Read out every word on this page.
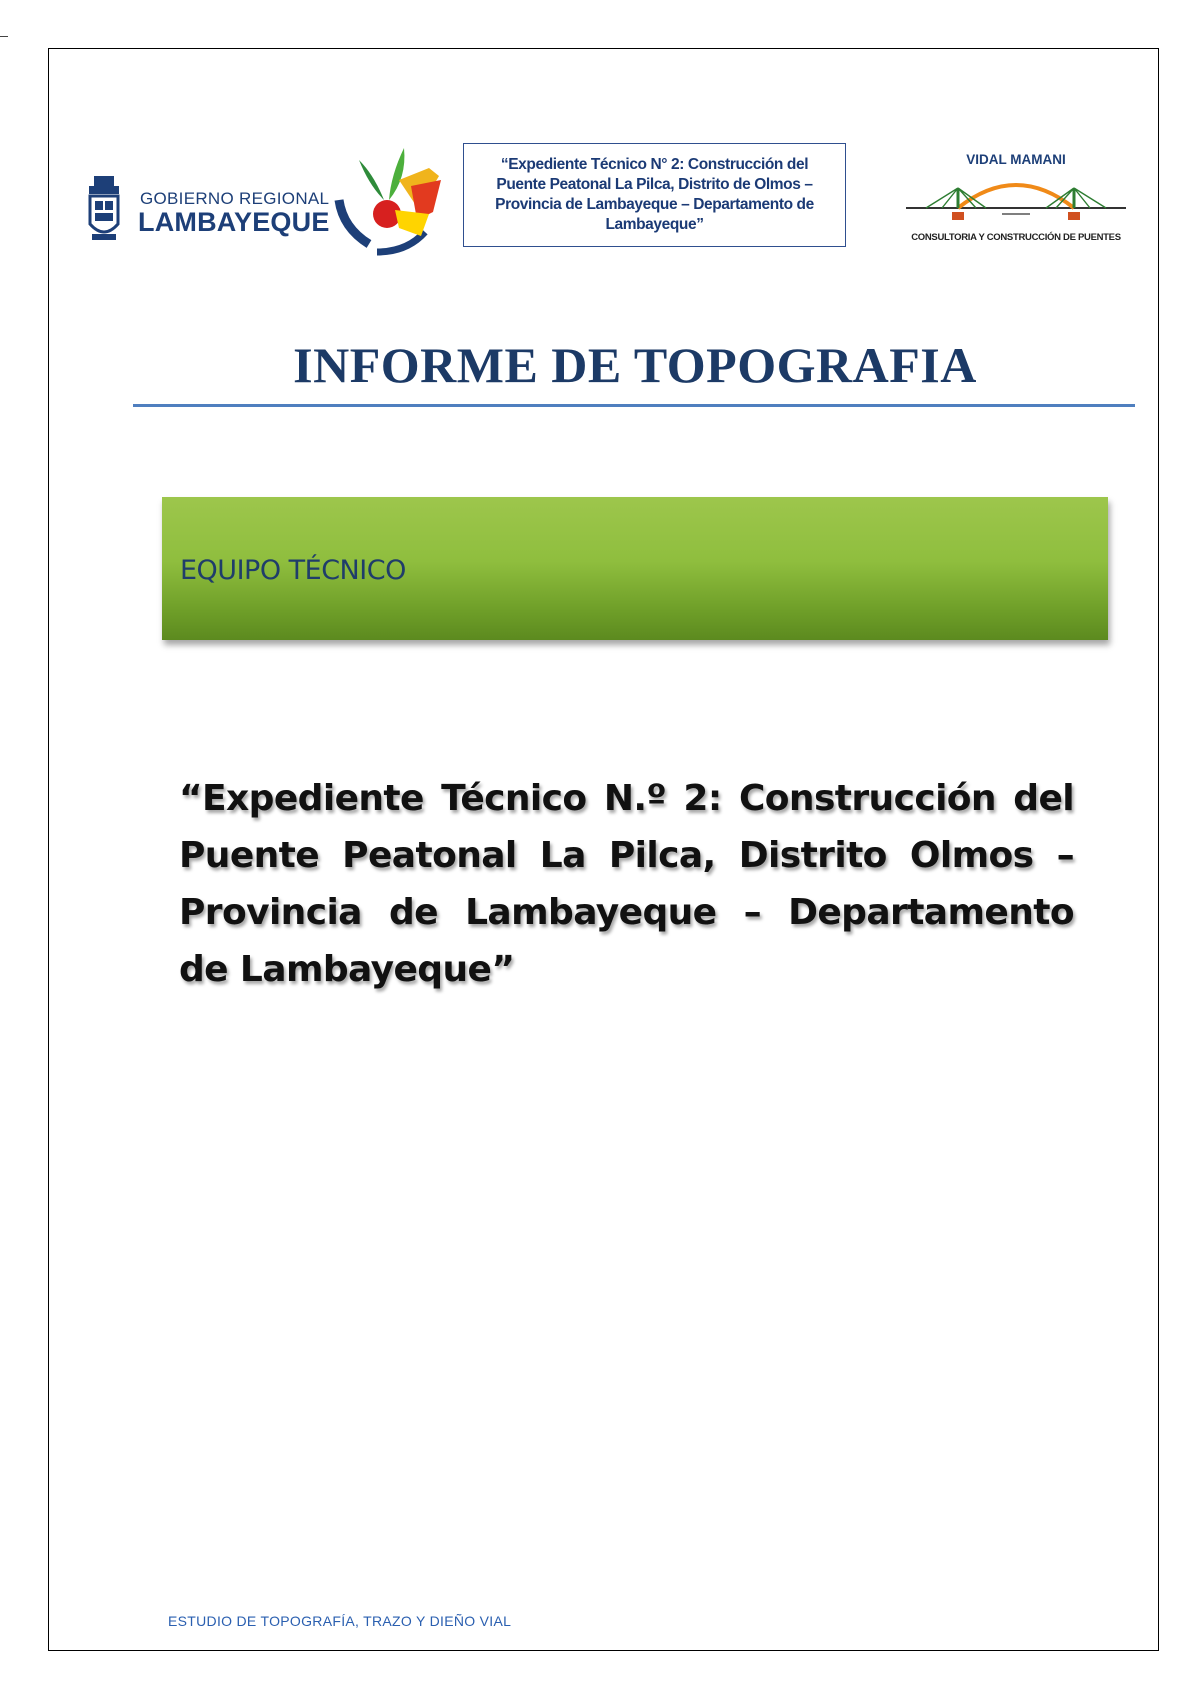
GOBIERNO REGIONAL
LAMBAYEQUE
“Expediente Técnico N° 2: Construcción del Puente Peatonal La Pilca, Distrito de Olmos – Provincia de Lambayeque – Departamento de Lambayeque”
VIDAL MAMANI
CONSULTORIA Y CONSTRUCCIÓN DE PUENTES
INFORME DE TOPOGRAFIA
EQUIPO TÉCNICO
“Expediente Técnico N.º 2: Construcción del Puente Peatonal La Pilca, Distrito Olmos – Provincia de Lambayeque – Departamento de Lambayeque”
ESTUDIO DE TOPOGRAFÍA, TRAZO Y DIEÑO VIAL
